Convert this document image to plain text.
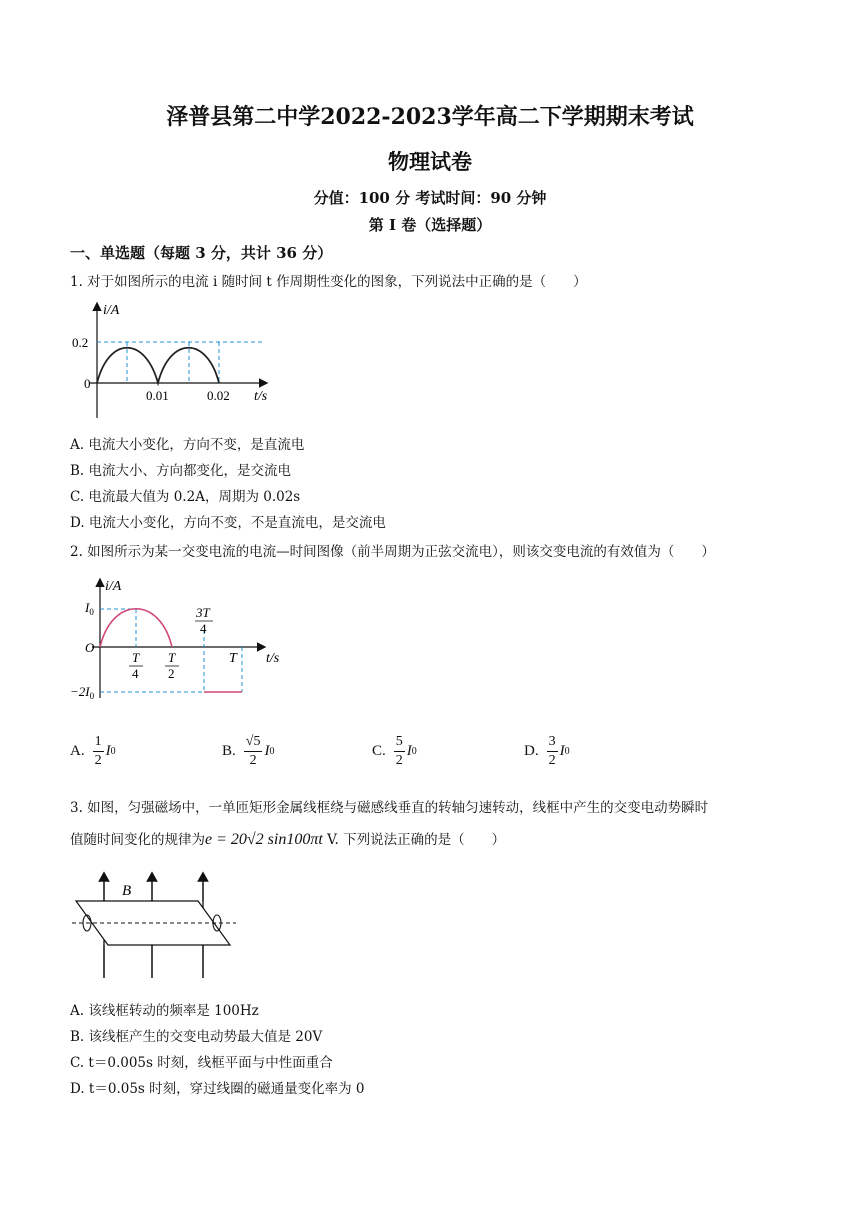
泽普县第二中学2022-2023学年高二下学期期末考试
物理试卷
分值：100 分 考试时间：90 分钟
第 I 卷（选择题）
一、单选题（每题 3 分，共计 36 分）
1. 对于如图所示的电流 i 随时间 t 作周期性变化的图象，下列说法中正确的是（　　）
i/A
0.2
0
0.01	0.02 t/s
A. 电流大小变化，方向不变，是直流电
B. 电流大小、方向都变化，是交流电
C. 电流最大值为 0.2A，周期为 0.02s
D. 电流大小变化，方向不变，不是直流电，是交流电
2. 如图所示为某一交变电流的电流—时间图像（前半周期为正弦交流电），则该交变电流的有效值为（　　）
i/A
$I_0$
O
$-2I_0$
3T
4
T
4
T
2
T t/s
A. $\frac{1}{2}$ I 0	B. $\frac{√5}{2}$ I 0	C. $\frac{5}{2}$ I 0	D. $\frac{3}{2}$ I 0
3. 如图，匀强磁场中，一单匝矩形金属线框绕与磁感线垂直的转轴匀速转动，线框中产生的交变电动势瞬时
值随时间变化的规律为e = 20√2 sin100πt V. 下列说法正确的是（　　）
B
A. 该线框转动的频率是 100Hz
B. 该线框产生的交变电动势最大值是 20V
C. t＝0.005s 时刻，线框平面与中性面重合
D. t＝0.05s 时刻，穿过线圈的磁通量变化率为 0
